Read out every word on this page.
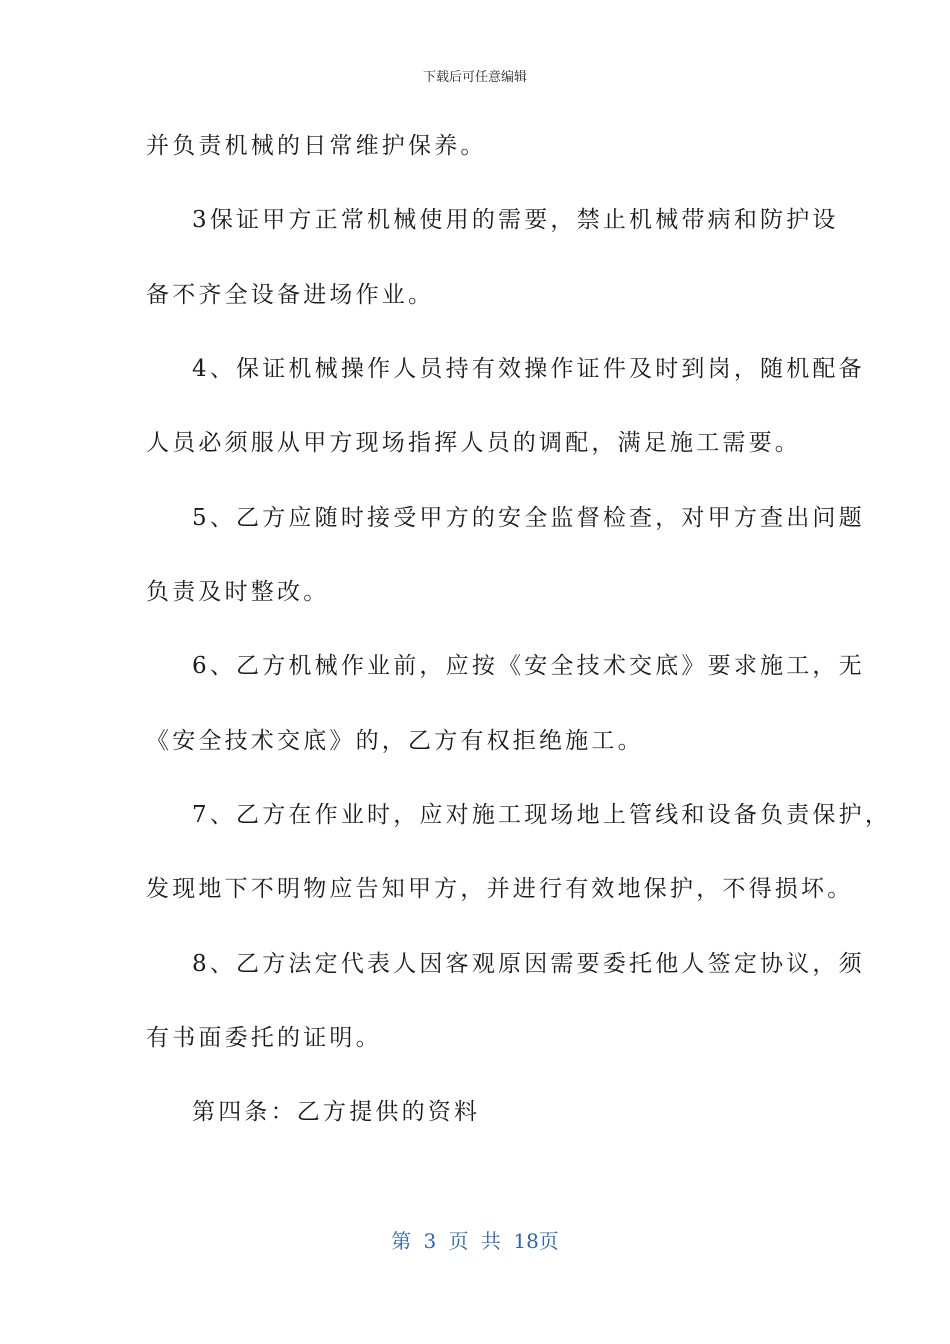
下载后可任意编辑
并负责机械的日常维护保养。
3保证甲方正常机械使用的需要，禁止机械带病和防护设
备不齐全设备进场作业。
4、保证机械操作人员持有效操作证件及时到岗，随机配备
人员必须服从甲方现场指挥人员的调配，满足施工需要。
5、乙方应随时接受甲方的安全监督检查，对甲方查出问题
负责及时整改。
6、乙方机械作业前，应按《安全技术交底》要求施工，无
《安全技术交底》的，乙方有权拒绝施工。
7、乙方在作业时，应对施工现场地上管线和设备负责保护，
发现地下不明物应告知甲方，并进行有效地保护，不得损坏。
8、乙方法定代表人因客观原因需要委托他人签定协议，须
有书面委托的证明。
第四条：乙方提供的资料
第 3 页 共 18页
